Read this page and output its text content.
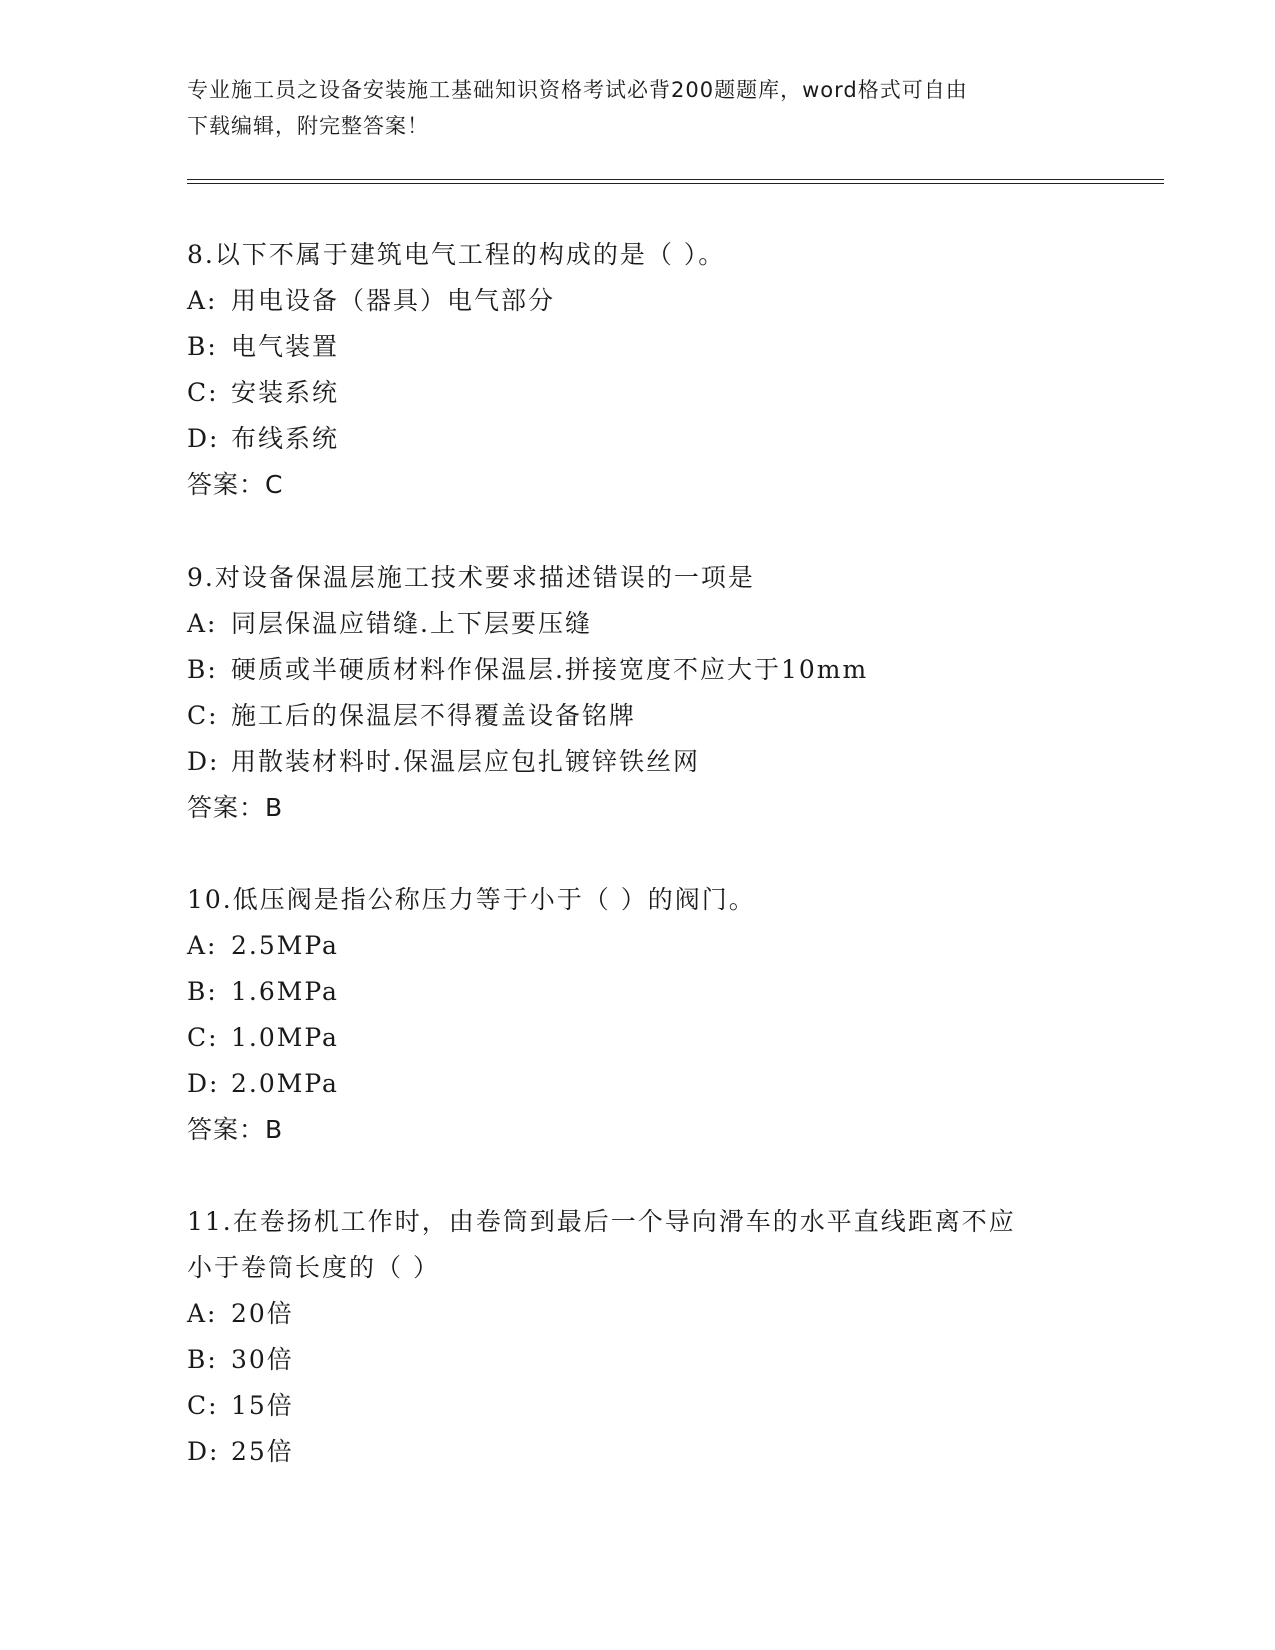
专业施工员之设备安装施工基础知识资格考试必背200题题库，word格式可自由
下载编辑，附完整答案！
8.以下不属于建筑电气工程的构成的是（ ）。
A: 用电设备（器具）电气部分
B: 电气装置
C: 安装系统
D: 布线系统
答案：C
9.对设备保温层施工技术要求描述错误的一项是
A: 同层保温应错缝.上下层要压缝
B: 硬质或半硬质材料作保温层.拼接宽度不应大于10mm
C: 施工后的保温层不得覆盖设备铭牌
D: 用散装材料时.保温层应包扎镀锌铁丝网
答案：B
10.低压阀是指公称压力等于小于（ ）的阀门。
A: 2.5MPa
B: 1.6MPa
C: 1.0MPa
D: 2.0MPa
答案：B
11.在卷扬机工作时，由卷筒到最后一个导向滑车的水平直线距离不应
小于卷筒长度的（ ）
A: 20倍
B: 30倍
C: 15倍
D: 25倍
